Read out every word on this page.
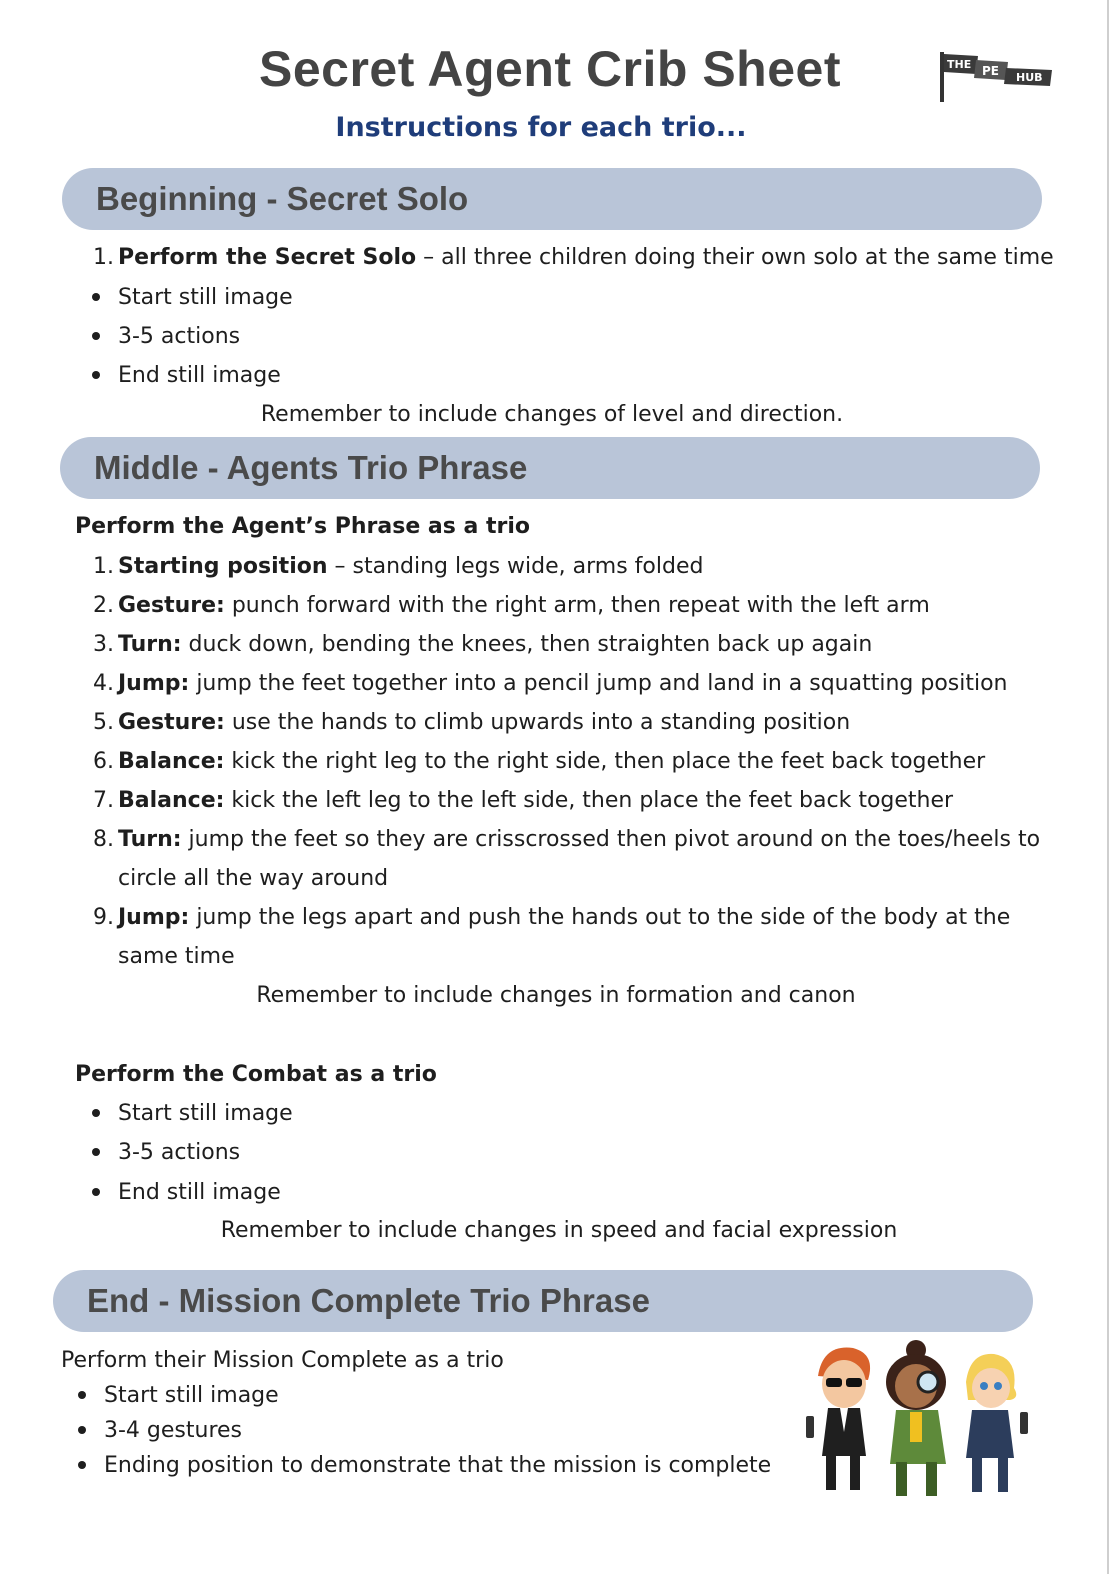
Secret Agent Crib Sheet
Instructions for each trio...
THE PE HUB
Beginning - Secret Solo
1. Perform the Secret Solo – all three children doing their own solo at the same time
Start still image
3-5 actions
End still image
Remember to include changes of level and direction.
Middle - Agents Trio Phrase
Perform the Agent’s Phrase as a trio
1. Starting position – standing legs wide, arms folded
2. Gesture: punch forward with the right arm, then repeat with the left arm
3. Turn: duck down, bending the knees, then straighten back up again
4. Jump: jump the feet together into a pencil jump and land in a squatting position
5. Gesture: use the hands to climb upwards into a standing position
6. Balance: kick the right leg to the right side, then place the feet back together
7. Balance: kick the left leg to the left side, then place the feet back together
8. Turn: jump the feet so they are crisscrossed then pivot around on the toes/heels to
circle all the way around
9. Jump: jump the legs apart and push the hands out to the side of the body at the
same time
Remember to include changes in formation and canon
Perform the Combat as a trio
Start still image
3-5 actions
End still image
Remember to include changes in speed and facial expression
End - Mission Complete Trio Phrase
Perform their Mission Complete as a trio
Start still image
3-4 gestures
Ending position to demonstrate that the mission is complete
